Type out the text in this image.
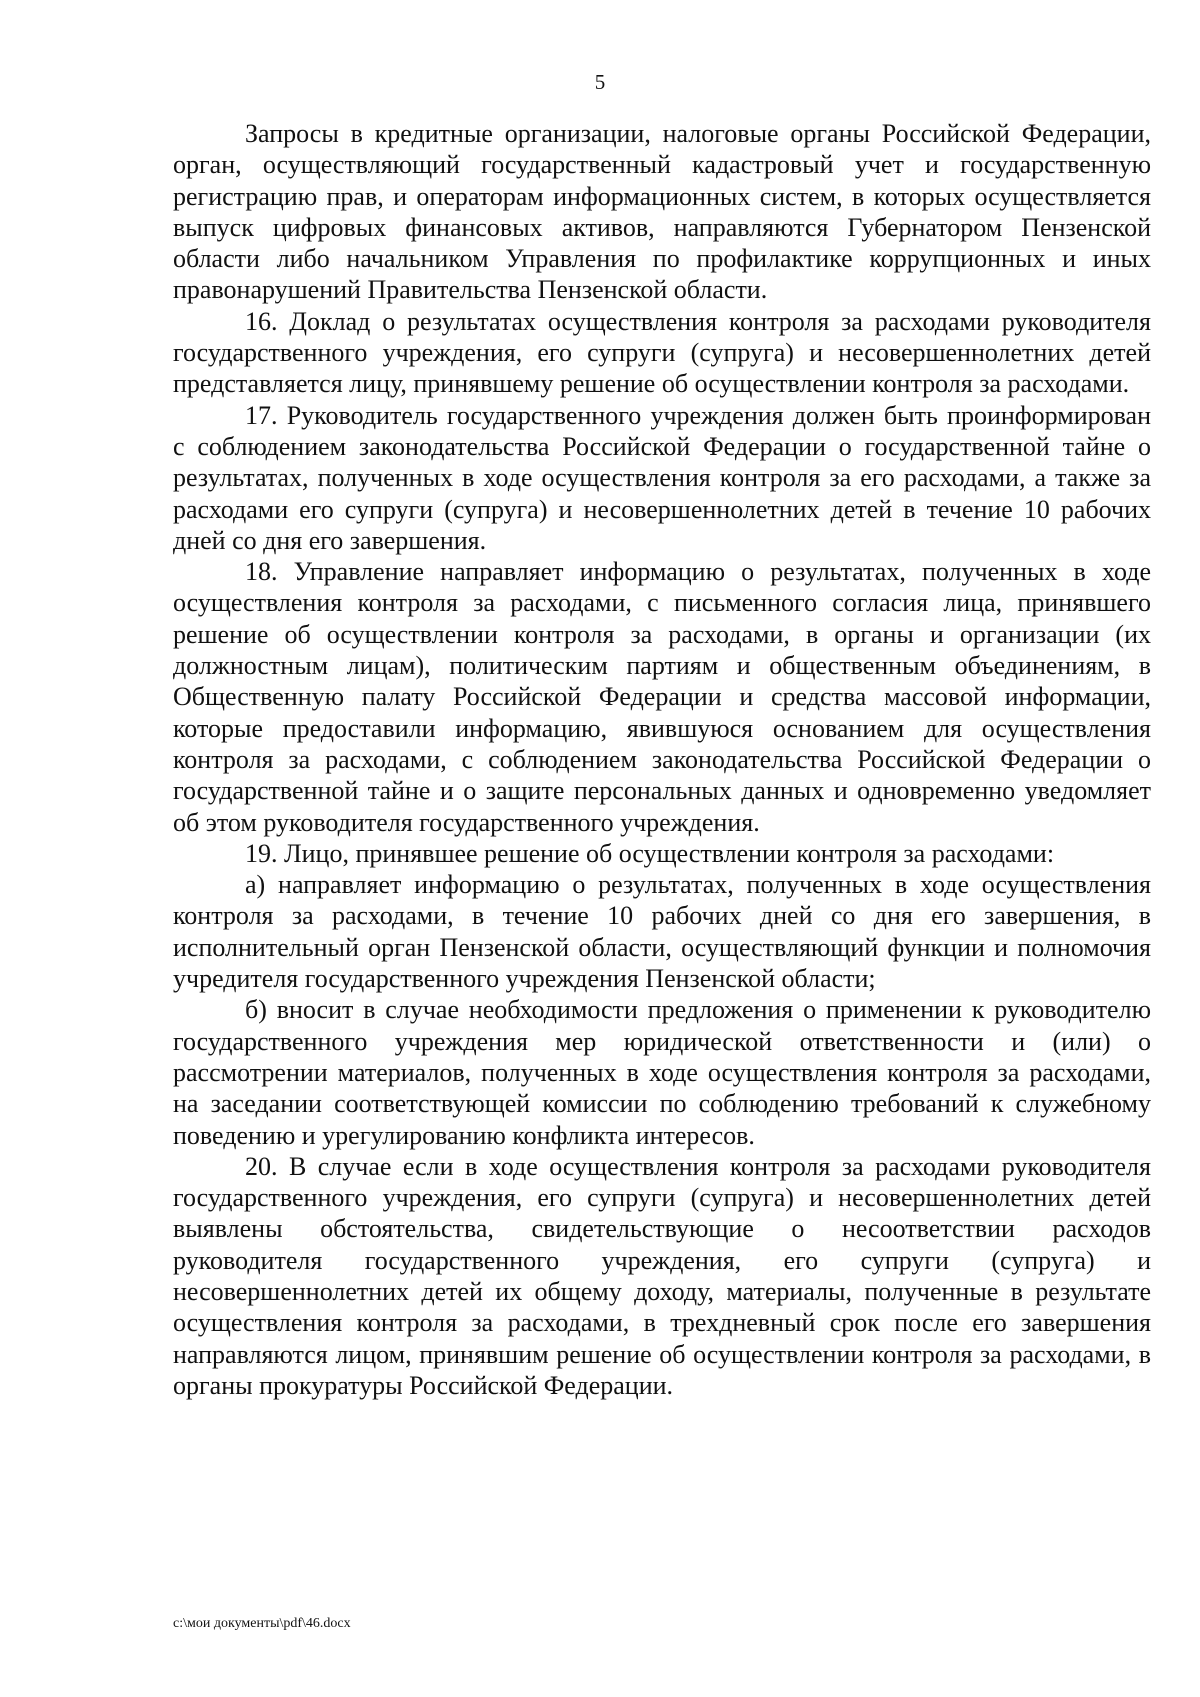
5

Запросы в кредитные организации, налоговые органы Российской Федерации, орган, осуществляющий государственный кадастровый учет и государственную регистрацию прав, и операторам информационных систем, в которых осуществляется выпуск цифровых финансовых активов, направляются Губернатором Пензенской области либо начальником Управления по профилактике коррупционных и иных правонарушений Правительства Пензенской области.

16. Доклад о результатах осуществления контроля за расходами руководителя государственного учреждения, его супруги (супруга) и несовершеннолетних детей представляется лицу, принявшему решение об осуществлении контроля за расходами.

17. Руководитель государственного учреждения должен быть проинформирован с соблюдением законодательства Российской Федерации о государственной тайне о результатах, полученных в ходе осуществления контроля за его расходами, а также за расходами его супруги (супруга) и несовершеннолетних детей в течение 10 рабочих дней со дня его завершения.

18. Управление направляет информацию о результатах, полученных в ходе осуществления контроля за расходами, с письменного согласия лица, принявшего решение об осуществлении контроля за расходами, в органы и организации (их должностным лицам), политическим партиям и общественным объединениям, в Общественную палату Российской Федерации и средства массовой информации, которые предоставили информацию, явившуюся основанием для осуществления контроля за расходами, с соблюдением законодательства Российской Федерации о государственной тайне и о защите персональных данных и одновременно уведомляет об этом руководителя государственного учреждения.

19. Лицо, принявшее решение об осуществлении контроля за расходами:

а) направляет информацию о результатах, полученных в ходе осуществления контроля за расходами, в течение 10 рабочих дней со дня его завершения, в исполнительный орган Пензенской области, осуществляющий функции и полномочия учредителя государственного учреждения Пензенской области;

б) вносит в случае необходимости предложения о применении к руководителю государственного учреждения мер юридической ответственности и (или) о рассмотрении материалов, полученных в ходе осуществления контроля за расходами, на заседании соответствующей комиссии по соблюдению требований к служебному поведению и урегулированию конфликта интересов.

20. В случае если в ходе осуществления контроля за расходами руководителя государственного учреждения, его супруги (супруга) и несовершеннолетних детей выявлены обстоятельства, свидетельствующие о несоответствии расходов руководителя государственного учреждения, его супруги (супруга) и несовершеннолетних детей их общему доходу, материалы, полученные в результате осуществления контроля за расходами, в трехдневный срок после его завершения направляются лицом, принявшим решение об осуществлении контроля за расходами, в органы прокуратуры Российской Федерации.

c:\мои документы\pdf\46.docx
